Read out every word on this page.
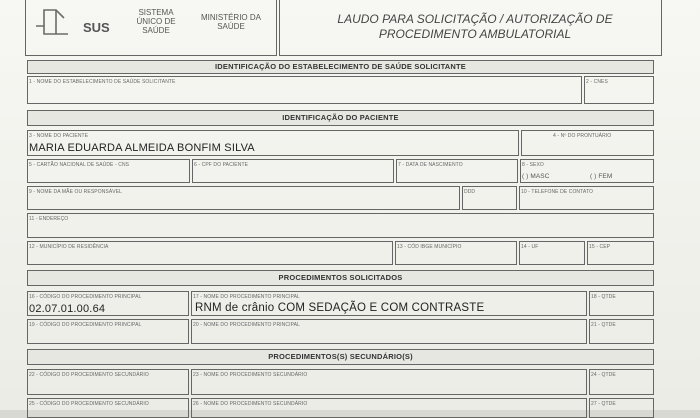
SUS
SISTEMA
ÚNICO DE
SAÚDE
MINISTÉRIO DA
SAÚDE
LAUDO PARA SOLICITAÇÃO / AUTORIZAÇÃO DE
PROCEDIMENTO AMBULATORIAL
IDENTIFICAÇÃO DO ESTABELECIMENTO DE SAÚDE SOLICITANTE
1 - NOME DO ESTABELECIMENTO DE SAÚDE SOLICITANTE	2 - CNES
IDENTIFICAÇÃO DO PACIENTE
3 - NOME DO PACIENTE
MARIA EDUARDA ALMEIDA BONFIM SILVA
4 - Nº DO PRONTUÁRIO
5 - CARTÃO NACIONAL DE SAÚDE - CNS	6 - CPF DO PACIENTE	7 - DATA DE NASCIMENTO	8 - SEXO
( ) MASC	( ) FEM
9 - NOME DA MÃE OU RESPONSÁVEL	DDD	10 - TELEFONE DE CONTATO
11 - ENDEREÇO
12 - MUNICÍPIO DE RESIDÊNCIA	13 - CÓD IBGE MUNICÍPIO	14 - UF	15 - CEP
PROCEDIMENTOS SOLICITADOS
16 - CÓDIGO DO PROCEDIMENTO PRINCIPAL
02.07.01.00.64
17 - NOME DO PROCEDIMENTO PRINCIPAL
RNM de crânio COM SEDAÇÃO E COM CONTRASTE
18 - QTDE
19 - CÓDIGO DO PROCEDIMENTO PRINCIPAL	20 - NOME DO PROCEDIMENTO PRINCIPAL	21 - QTDE
PROCEDIMENTOS(S) SECUNDÁRIO(S)
22 - CÓDIGO DO PROCEDIMENTO SECUNDÁRIO	23 - NOME DO PROCEDIMENTO SECUNDÁRIO	24 - QTDE
25 - CÓDIGO DO PROCEDIMENTO SECUNDÁRIO	26 - NOME DO PROCEDIMENTO SECUNDÁRIO	27 - QTDE
